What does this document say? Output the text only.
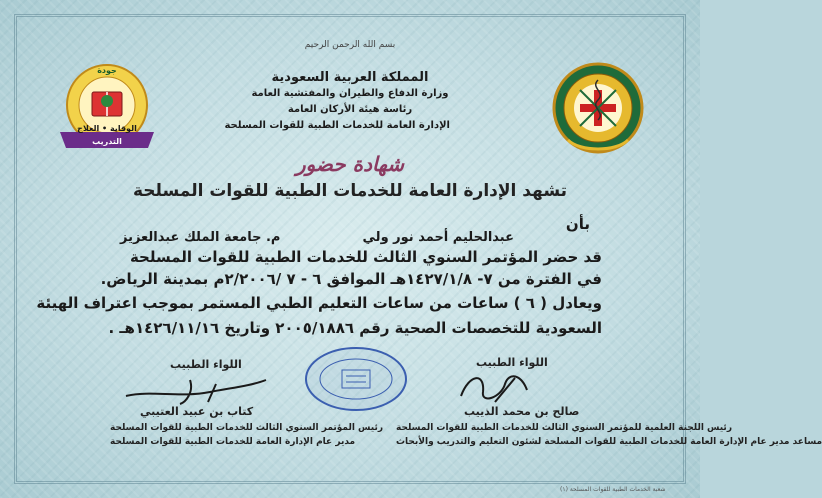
جودة
الوقاية • العلاج
التدريب
بسم الله الرحمن الرحيم
المملكة العربية السعودية
وزارة الدفاع والطيران والمفتشية العامة
رئاسة هيئة الأركان العامة
الإدارة العامة للخدمات الطبية للقوات المسلحة
شهادة حضور
تشهد الإدارة العامة للخدمات الطبية للقوات المسلحة
بأن
عبدالحليم أحمد نور ولي
م. جامعة الملك عبدالعزيز
قد حضر المؤتمر السنوي الثالث للخدمات الطبية للقوات المسلحة
في الفترة من ٧- ١٤٢٧/١/٨هـ الموافق ٦ - ٧ /٢/٢٠٠٦م بمدينة الرياض.
ويعادل ( ٦ ) ساعات من ساعات التعليم الطبي المستمر بموجب اعتراف الهيئة
السعودية للتخصصات الصحية رقم ٢٠٠٥/١٨٨٦ وتاريخ ١٤٢٦/١١/١٦هـ .
اللواء الطبيب	اللواء الطبيب
كتاب بن عبيد العتيبي	صالح بن محمد الذييب
رئيس المؤتمر السنوي الثالث للخدمات الطبية للقوات المسلحة
مدير عام الإدارة العامة للخدمات الطبية للقوات المسلحة
رئيس اللجنة العلمية للمؤتمر السنوي الثالث للخدمات الطبية للقوات المسلحة
مساعد مدير عام الإدارة العامة للخدمات الطبية للقوات المسلحة لشئون التعليم والتدريب والأبحاث
شعبة الخدمات الطبية للقوات المسلحة (١)
